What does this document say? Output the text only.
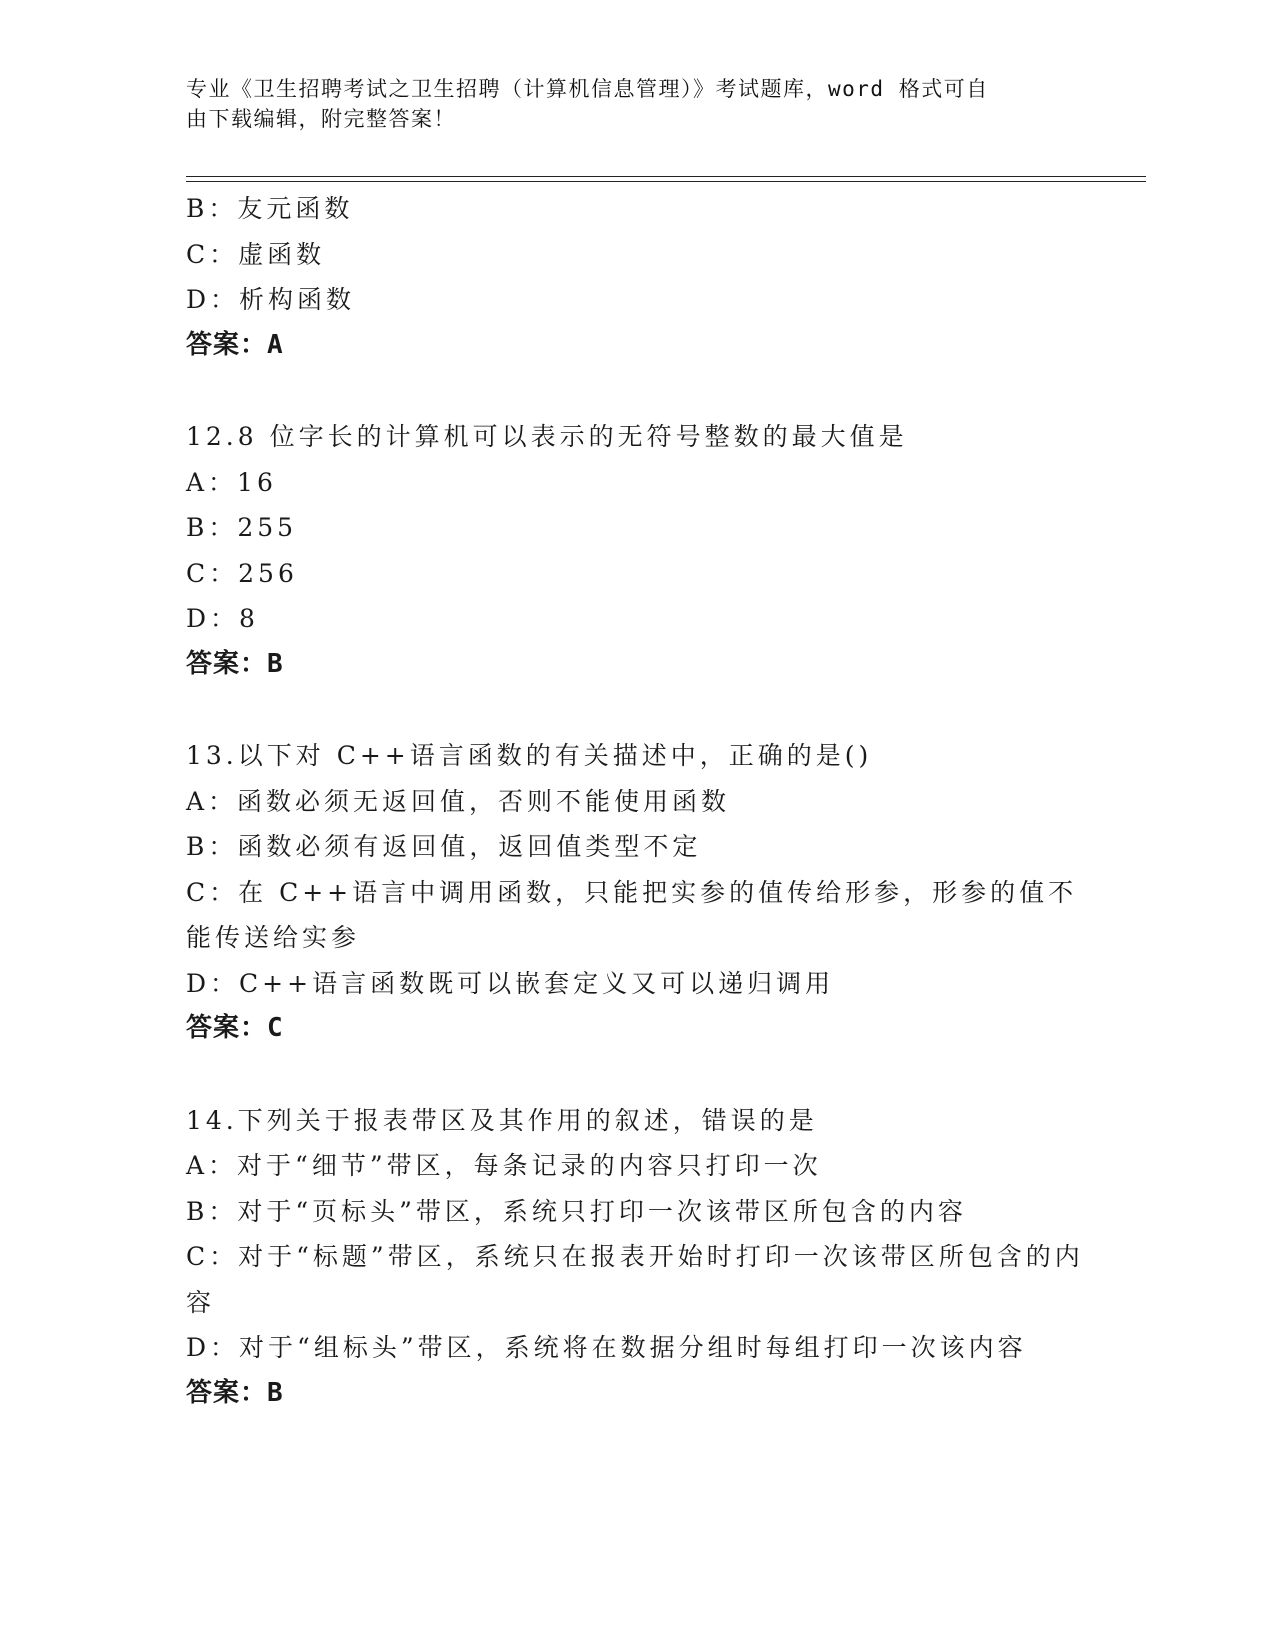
专业《卫生招聘考试之卫生招聘（计算机信息管理）》考试题库，word 格式可自

由下载编辑，附完整答案！

B：友元函数
C：虚函数
D：析构函数
答案：A
12.8 位字长的计算机可以表示的无符号整数的最大值是
A：16
B：255
C：256
D：8
答案：B
13.以下对 C++语言函数的有关描述中，正确的是()
A：函数必须无返回值，否则不能使用函数
B：函数必须有返回值，返回值类型不定
C：在 C++语言中调用函数，只能把实参的值传给形参，形参的值不能传送给实参
D：C++语言函数既可以嵌套定义又可以递归调用
答案：C
14.下列关于报表带区及其作用的叙述，错误的是
A：对于“细节”带区，每条记录的内容只打印一次
B：对于“页标头”带区，系统只打印一次该带区所包含的内容
C：对于“标题”带区，系统只在报表开始时打印一次该带区所包含的内容
D：对于“组标头”带区，系统将在数据分组时每组打印一次该内容
答案：B
